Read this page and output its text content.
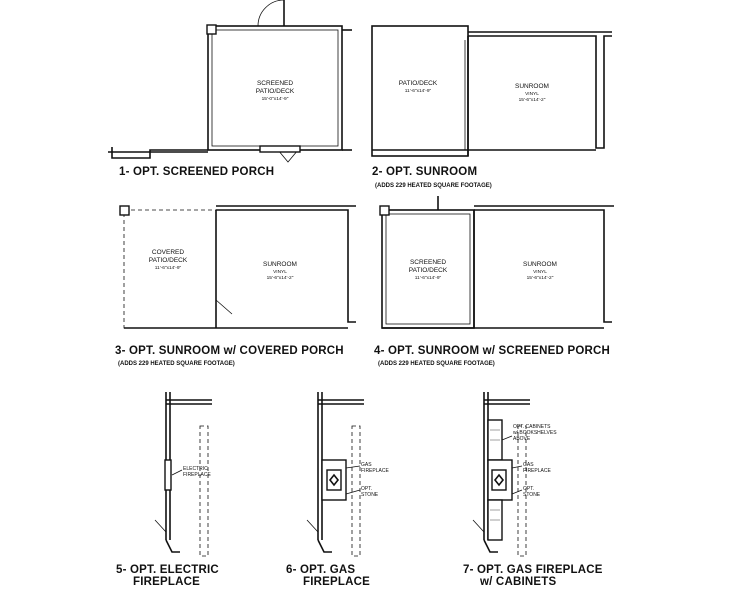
SCREENED
PATIO/DECK
15'-0"x14'-9"
1- OPT. SCREENED PORCH
PATIO/DECK
11'-6"x14'-9"
SUNROOM
VINYL
15'-6"x14'-2"
2- OPT. SUNROOM
(ADDS 229 HEATED SQUARE FOOTAGE)
COVERED
PATIO/DECK
11'-6"x14'-9"
SUNROOM
VINYL
15'-6"x14'-2"
3- OPT. SUNROOM w/ COVERED PORCH
(ADDS 229 HEATED SQUARE FOOTAGE)
SCREENED
PATIO/DECK
11'-6"x14'-9"
SUNROOM
VINYL
15'-6"x14'-2"
4- OPT. SUNROOM w/ SCREENED PORCH
(ADDS 229 HEATED SQUARE FOOTAGE)
ELECTRIC
FIREPLACE
5- OPT. ELECTRIC
FIREPLACE
GAS
FIREPLACE
OPT.
STONE
6- OPT. GAS
FIREPLACE
OPT. CABINETS
w/ BOOKSHELVES
ABOVE
GAS
FIREPLACE
OPT.
STONE
7- OPT. GAS FIREPLACE
w/ CABINETS
